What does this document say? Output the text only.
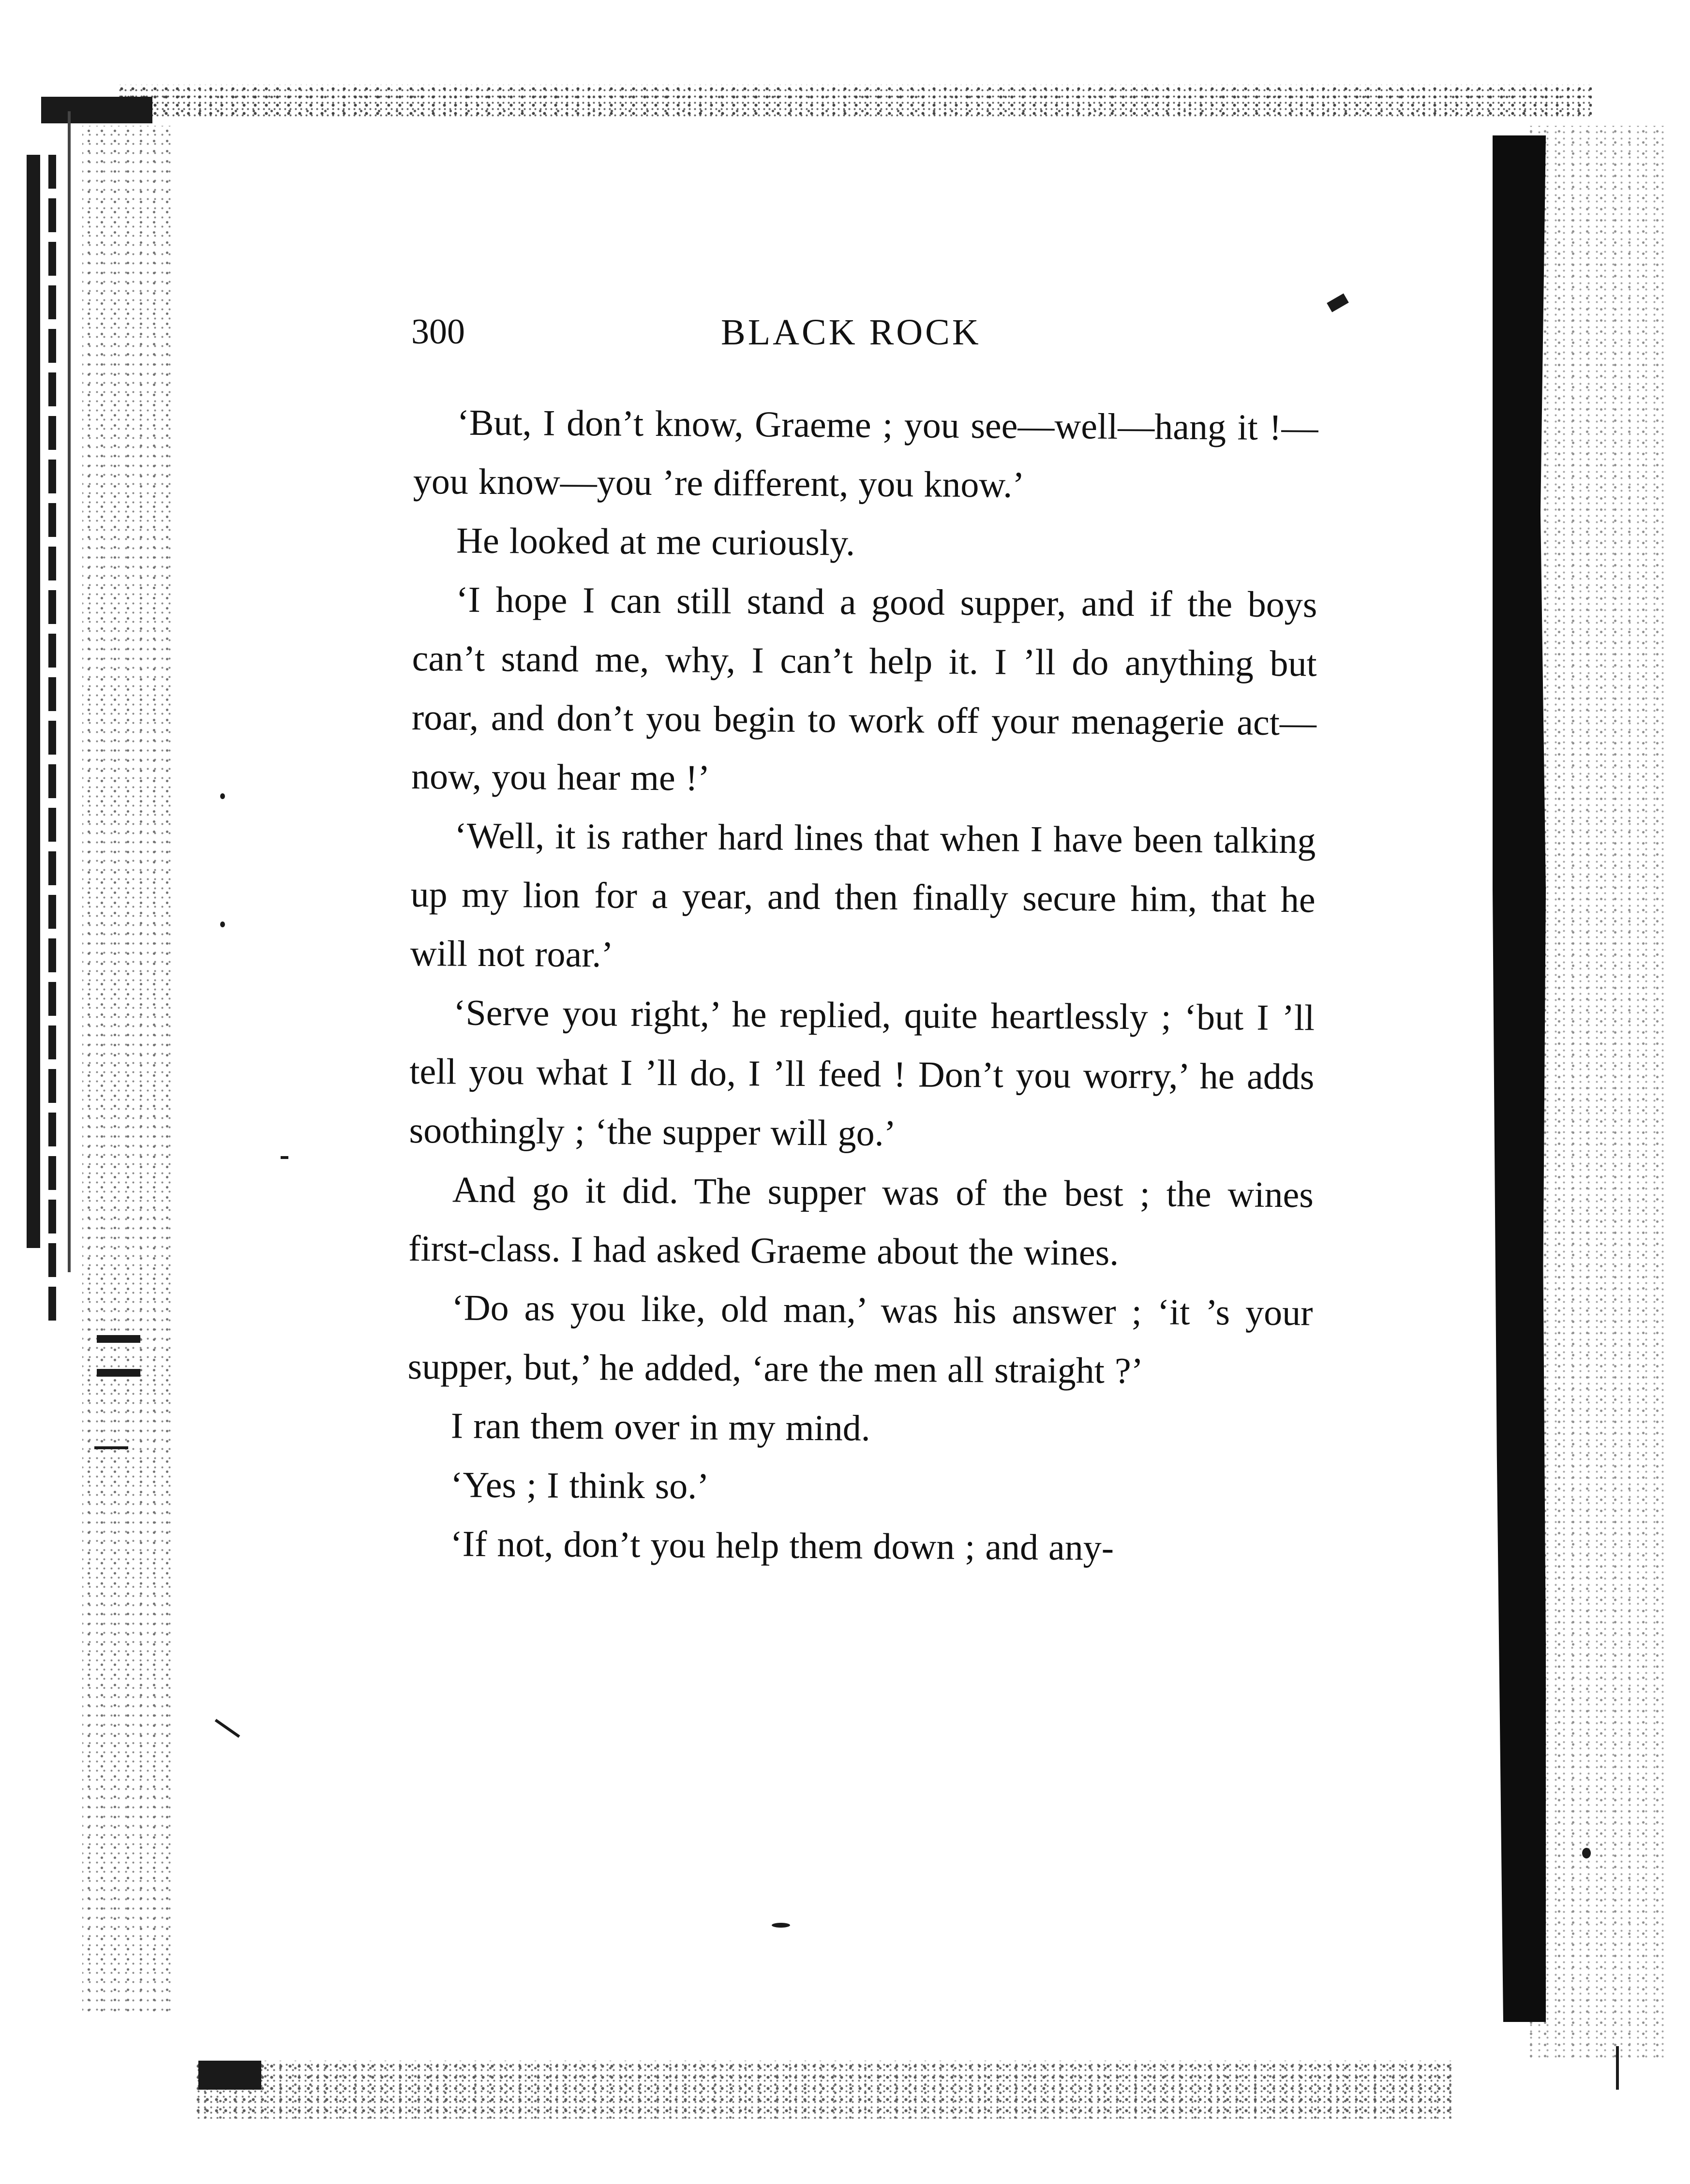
300	BLACK ROCK

‘But, I don’t know, Graeme ; you see—well—hang it !—you know—you ’re different, you know.’

He looked at me curiously.

‘I hope I can still stand a good supper, and if the boys can’t stand me, why, I can’t help it. I ’ll do anything but roar, and don’t you begin to work off your menagerie act—now, you hear me !’

‘Well, it is rather hard lines that when I have been talking up my lion for a year, and then finally secure him, that he will not roar.’

‘Serve you right,’ he replied, quite heartlessly ; ‘but I ’ll tell you what I ’ll do, I ’ll feed ! Don’t you worry,’ he adds soothingly ; ‘the supper will go.’

And go it did. The supper was of the best ; the wines first-class. I had asked Graeme about the wines.

‘Do as you like, old man,’ was his answer ; ‘it ’s your supper, but,’ he added, ‘are the men all straight ?’

I ran them over in my mind.

‘Yes ; I think so.’

‘If not, don’t you help them down ; and any-
